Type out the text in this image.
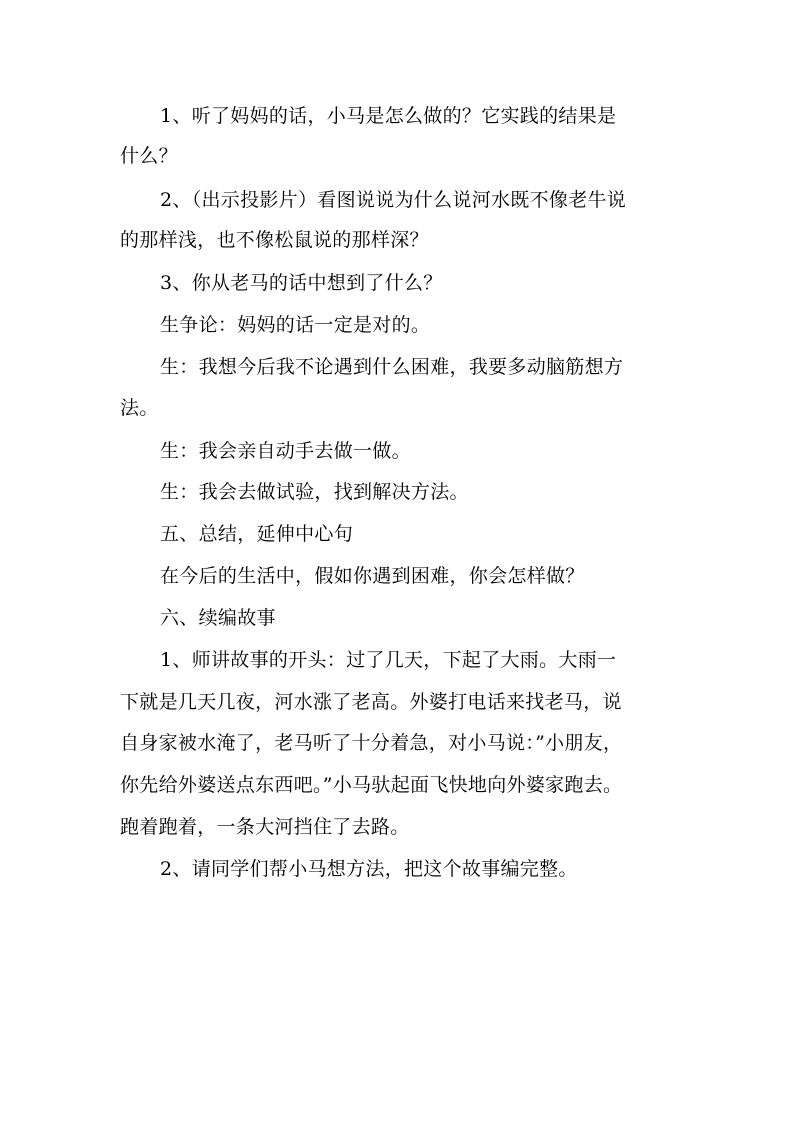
1、听了妈妈的话，小马是怎么做的？它实践的结果是
什么？
2、（出示投影片）看图说说为什么说河水既不像老牛说
的那样浅，也不像松鼠说的那样深？
3、你从老马的话中想到了什么？
生争论：妈妈的话一定是对的。
生：我想今后我不论遇到什么困难，我要多动脑筋想方
法。
生：我会亲自动手去做一做。
生：我会去做试验，找到解决方法。
五、总结，延伸中心句
在今后的生活中，假如你遇到困难，你会怎样做？
六、续编故事
1、师讲故事的开头：过了几天，下起了大雨。大雨一
下就是几天几夜，河水涨了老高。外婆打电话来找老马，说
自身家被水淹了，老马听了十分着急，对小马说：”小朋友，
你先给外婆送点东西吧。”小马驮起面飞快地向外婆家跑去。
跑着跑着，一条大河挡住了去路。
2、请同学们帮小马想方法，把这个故事编完整。
